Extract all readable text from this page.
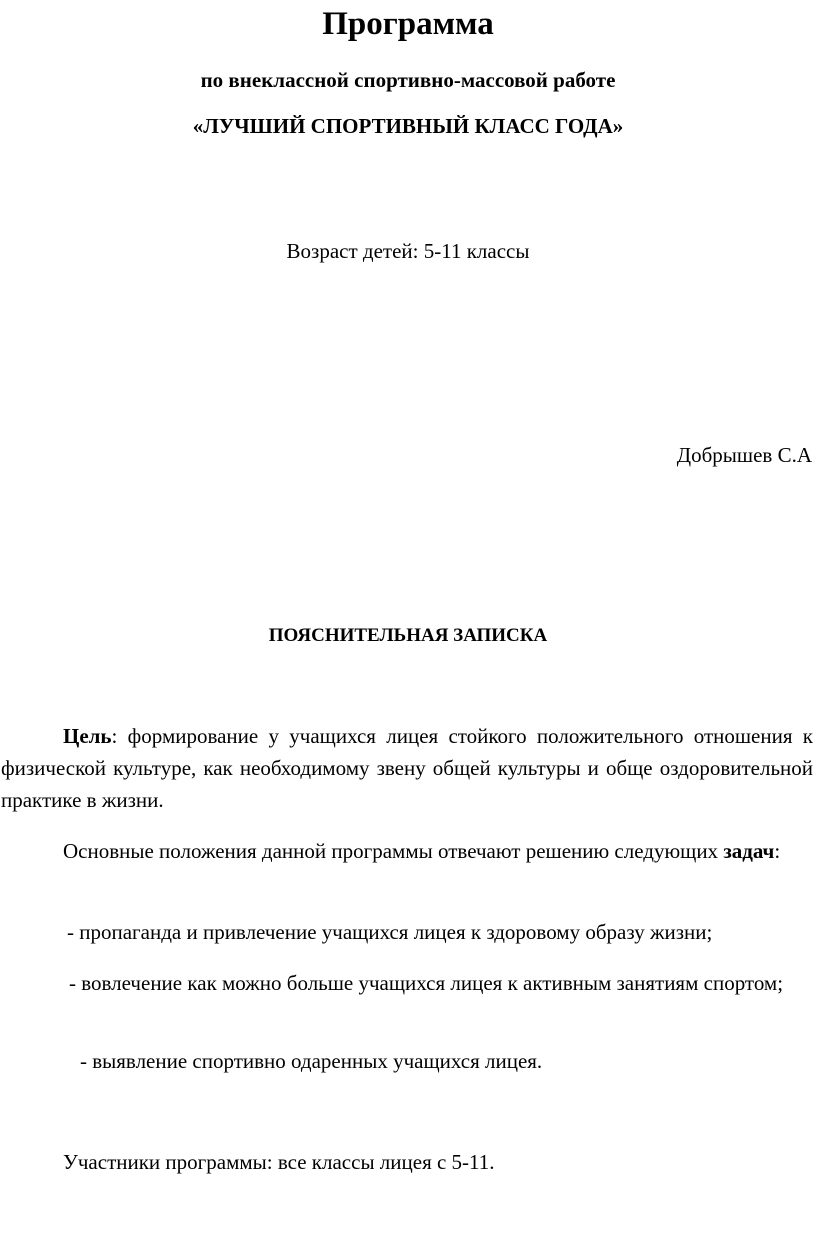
Программа
по внеклассной спортивно-массовой работе
«ЛУЧШИЙ СПОРТИВНЫЙ КЛАСС ГОДА»
Возраст детей: 5-11 классы
Добрышев С.А
ПОЯСНИТЕЛЬНАЯ ЗАПИСКА
Цель: формирование у учащихся лицея стойкого положительного отношения к физической культуре, как необходимому звену общей культуры и обще оздоровительной практике в жизни.
Основные положения данной программы отвечают решению следующих задач:
- пропаганда и привлечение учащихся лицея к здоровому образу жизни;
- вовлечение как можно больше учащихся лицея к активным занятиям спортом;
- выявление спортивно одаренных учащихся лицея.
Участники программы: все классы лицея с 5-11.
